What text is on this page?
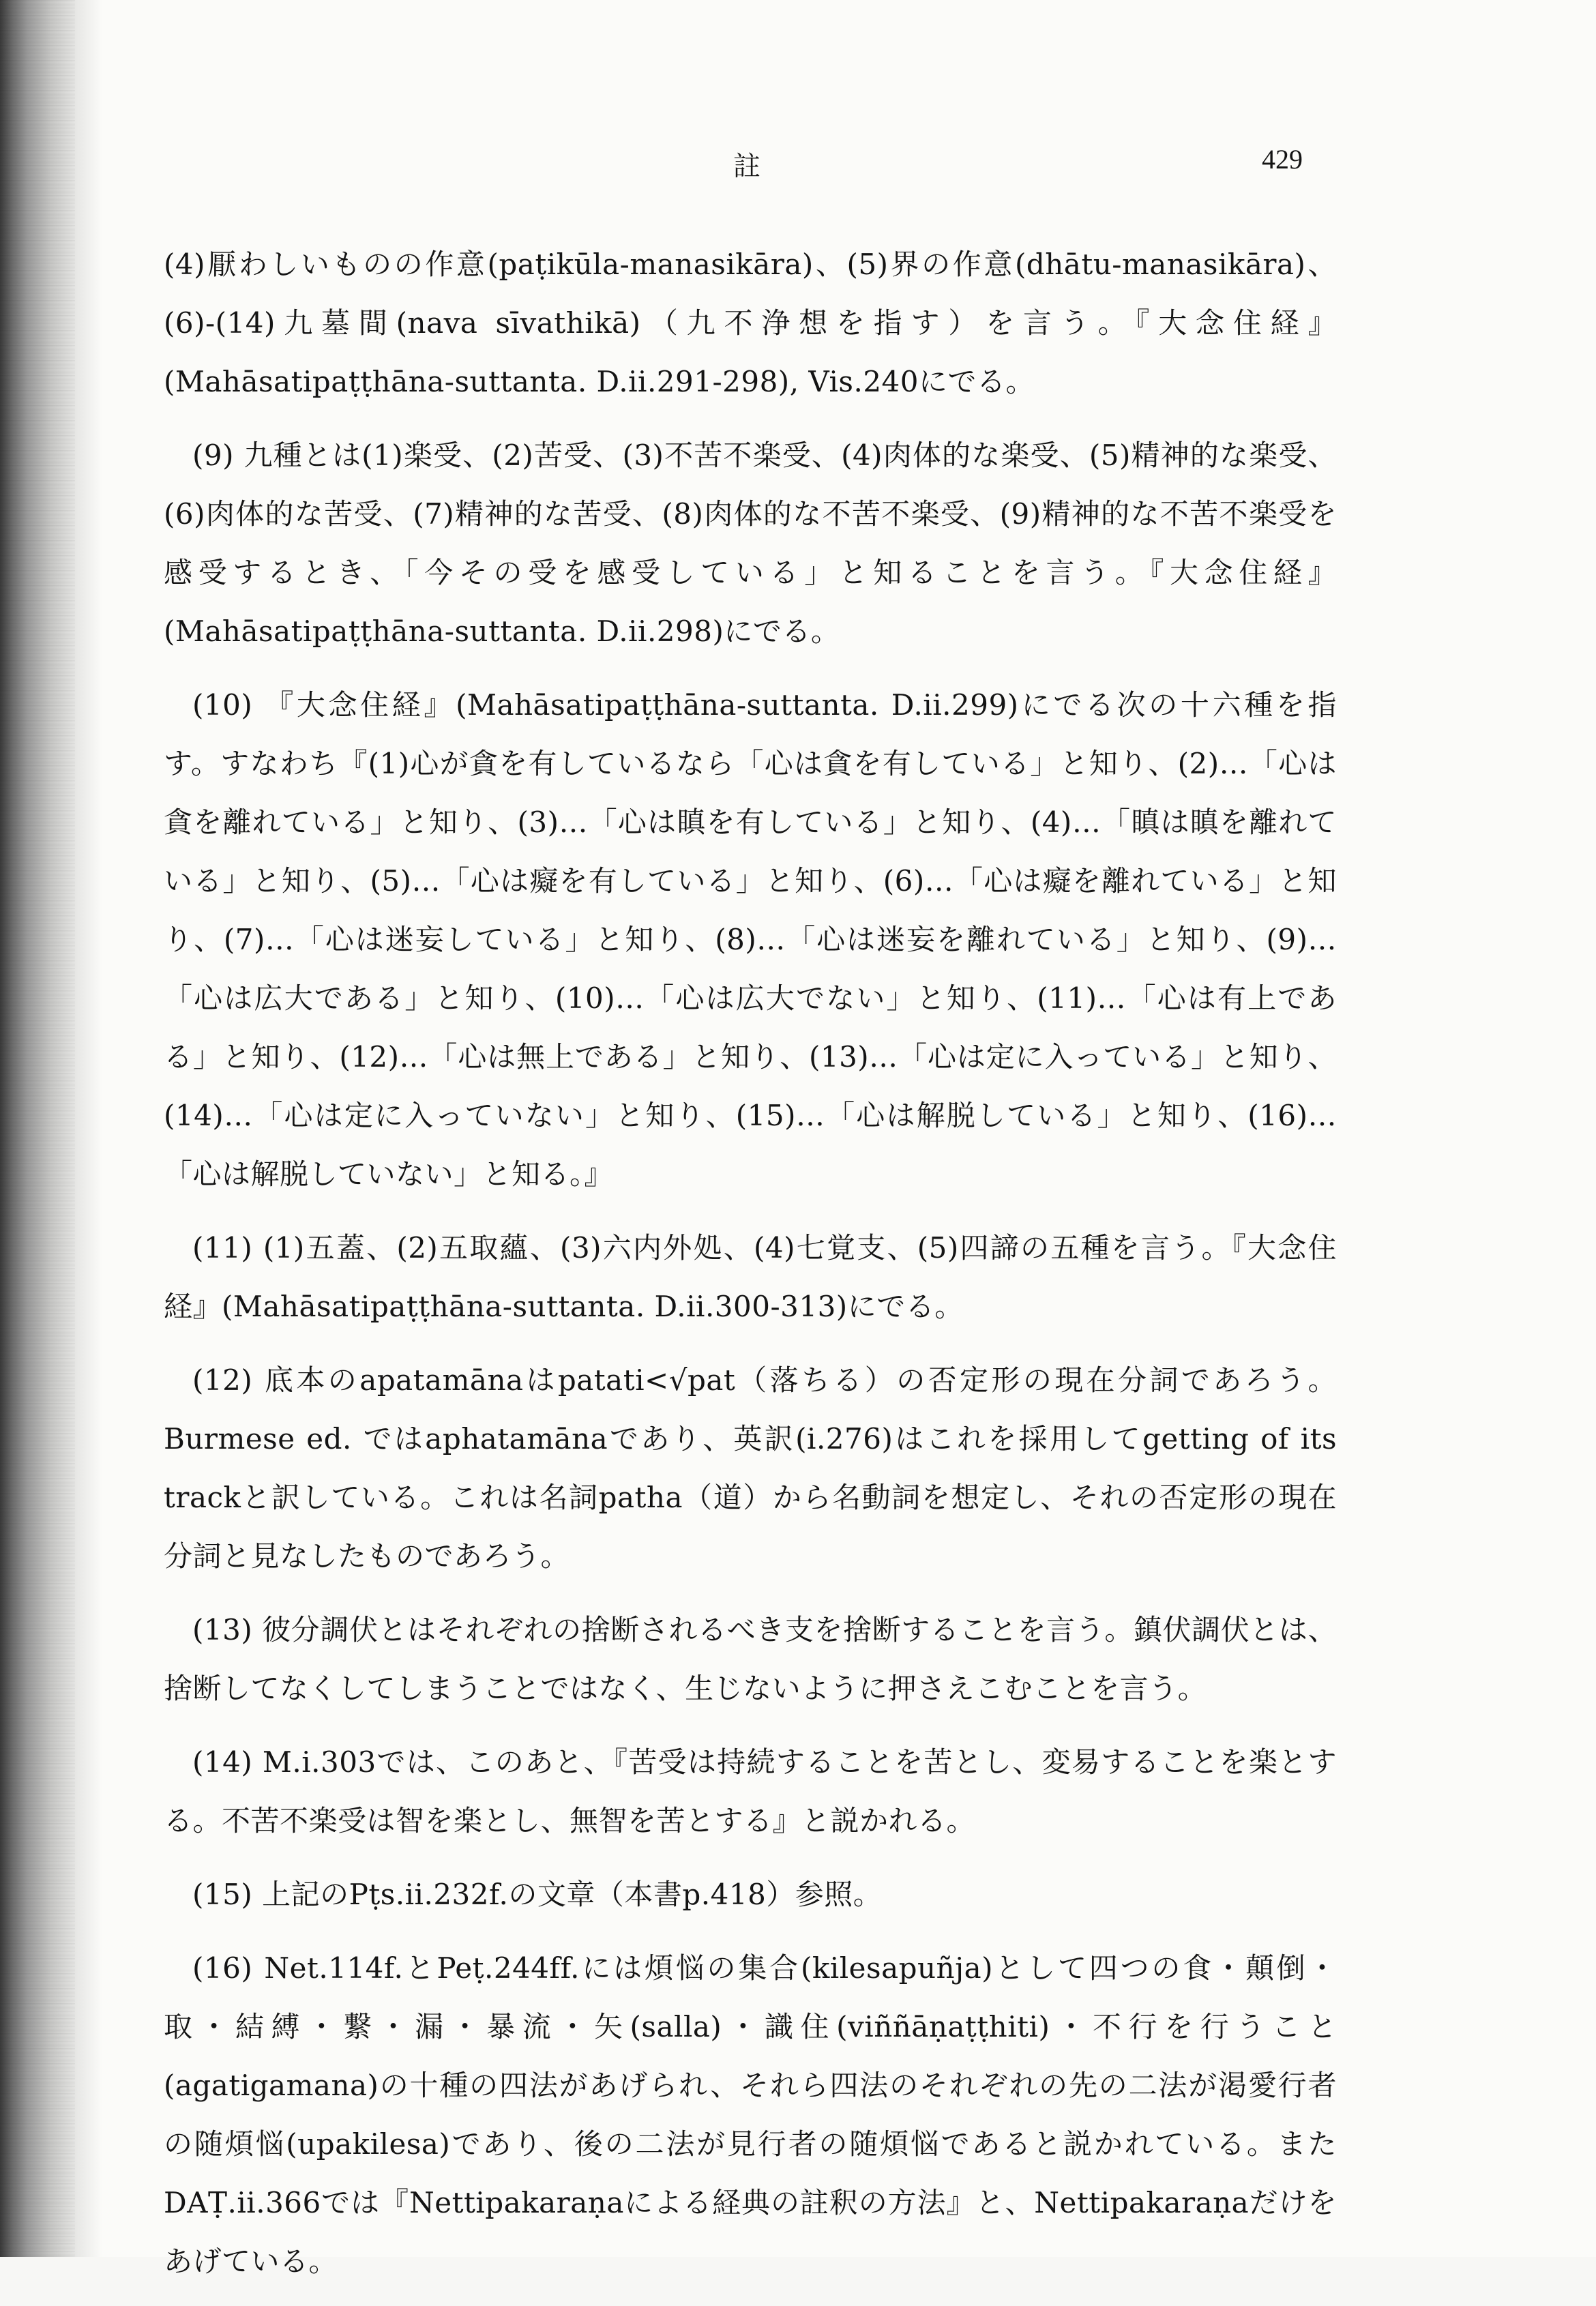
註	429

(4)厭わしいものの作意(paṭikūla-manasikāra)、(5)界の作意(dhātu-manasikāra)、(6)-(14)九墓間(nava sīvathikā)（九不浄想を指す）を言う。『大念住経』(Mahāsatipaṭṭhāna-suttanta. D.ii.291-298), Vis.240にでる。

(9) 九種とは(1)楽受、(2)苦受、(3)不苦不楽受、(4)肉体的な楽受、(5)精神的な楽受、(6)肉体的な苦受、(7)精神的な苦受、(8)肉体的な不苦不楽受、(9)精神的な不苦不楽受を感受するとき、「今その受を感受している」と知ることを言う。『大念住経』(Mahāsatipaṭṭhāna-suttanta. D.ii.298)にでる。

(10) 『大念住経』(Mahāsatipaṭṭhāna-suttanta. D.ii.299)にでる次の十六種を指す。すなわち『(1)心が貪を有しているなら「心は貪を有している」と知り、(2)…「心は貪を離れている」と知り、(3)…「心は瞋を有している」と知り、(4)…「瞋は瞋を離れている」と知り、(5)…「心は癡を有している」と知り、(6)…「心は癡を離れている」と知り、(7)…「心は迷妄している」と知り、(8)…「心は迷妄を離れている」と知り、(9)…「心は広大である」と知り、(10)…「心は広大でない」と知り、(11)…「心は有上である」と知り、(12)…「心は無上である」と知り、(13)…「心は定に入っている」と知り、(14)…「心は定に入っていない」と知り、(15)…「心は解脱している」と知り、(16)…「心は解脱していない」と知る。』

(11) (1)五蓋、(2)五取蘊、(3)六内外処、(4)七覚支、(5)四諦の五種を言う。『大念住経』(Mahāsatipaṭṭhāna-suttanta. D.ii.300-313)にでる。

(12) 底本のapatamānaはpatati<√pat（落ちる）の否定形の現在分詞であろう。Burmese ed. ではaphatamānaであり、英訳(i.276)はこれを採用してgetting of its trackと訳している。これは名詞patha（道）から名動詞を想定し、それの否定形の現在分詞と見なしたものであろう。

(13) 彼分調伏とはそれぞれの捨断されるべき支を捨断することを言う。鎮伏調伏とは、捨断してなくしてしまうことではなく、生じないように押さえこむことを言う。

(14) M.i.303では、このあと、『苦受は持続することを苦とし、変易することを楽とする。不苦不楽受は智を楽とし、無智を苦とする』と説かれる。

(15) 上記のPṭs.ii.232f.の文章（本書p.418）参照。

(16) Net.114f.とPeṭ.244ff.には煩悩の集合(kilesapuñja)として四つの食・顛倒・取・結縛・繋・漏・暴流・矢(salla)・識住(viññāṇaṭṭhiti)・不行を行うこと(agatigamana)の十種の四法があげられ、それら四法のそれぞれの先の二法が渇愛行者の随煩悩(upakilesa)であり、後の二法が見行者の随煩悩であると説かれている。またDAṬ.ii.366では『Nettipakaraṇaによる経典の註釈の方法』と、Nettipakaraṇaだけをあげている。
